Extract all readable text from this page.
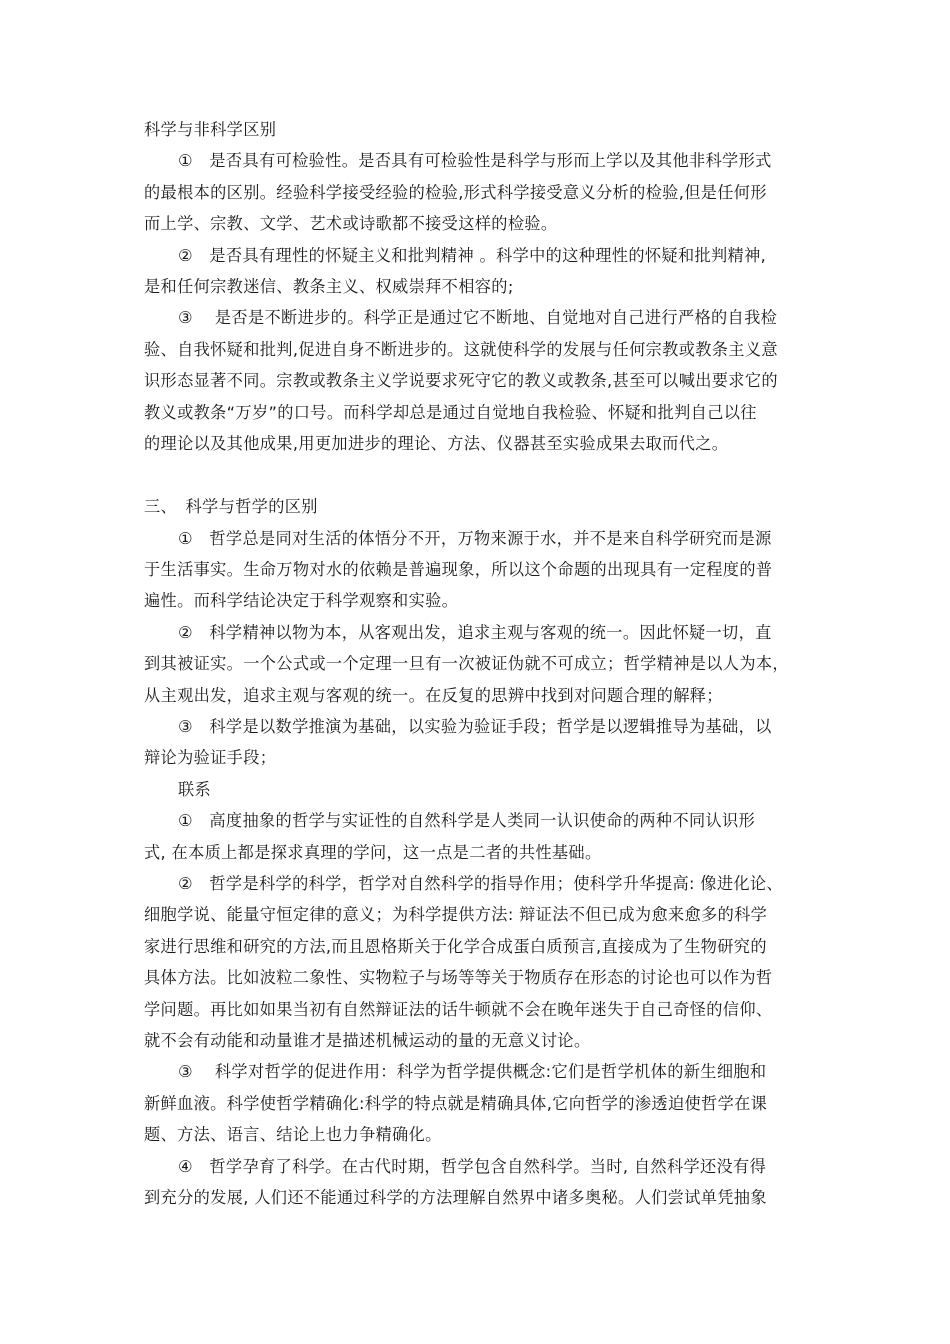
科学与非科学区别
①　是否具有可检验性。是否具有可检验性是科学与形而上学以及其他非科学形式
的最根本的区别。经验科学接受经验的检验,形式科学接受意义分析的检验,但是任何形
而上学、宗教、文学、艺术或诗歌都不接受这样的检验。
②　是否具有理性的怀疑主义和批判精神 。科学中的这种理性的怀疑和批判精神,
是和任何宗教迷信、教条主义、权威崇拜不相容的;
③　 是否是不断进步的。科学正是通过它不断地、自觉地对自己进行严格的自我检
验、自我怀疑和批判,促进自身不断进步的。这就使科学的发展与任何宗教或教条主义意
识形态显著不同。宗教或教条主义学说要求死守它的教义或教条,甚至可以喊出要求它的
教义或教条“万岁”的口号。而科学却总是通过自觉地自我检验、怀疑和批判自己以往
的理论以及其他成果,用更加进步的理论、方法、仪器甚至实验成果去取而代之。
三、　科学与哲学的区别
①　哲学总是同对生活的体悟分不开，万物来源于水，并不是来自科学研究而是源
于生活事实。生命万物对水的依赖是普遍现象，所以这个命题的出现具有一定程度的普
遍性。而科学结论决定于科学观察和实验。
②　科学精神以物为本，从客观出发，追求主观与客观的统一。因此怀疑一切，直
到其被证实。一个公式或一个定理一旦有一次被证伪就不可成立；哲学精神是以人为本，
从主观出发，追求主观与客观的统一。在反复的思辨中找到对问题合理的解释；
③　科学是以数学推演为基础，以实验为验证手段；哲学是以逻辑推导为基础，以
辩论为验证手段；
联系
①　高度抽象的哲学与实证性的自然科学是人类同一认识使命的两种不同认识形
式, 在本质上都是探求真理的学问，这一点是二者的共性基础。
②　哲学是科学的科学，哲学对自然科学的指导作用；使科学升华提高: 像进化论、
细胞学说、能量守恒定律的意义；为科学提供方法: 辩证法不但已成为愈来愈多的科学
家进行思维和研究的方法,而且恩格斯关于化学合成蛋白质预言,直接成为了生物研究的
具体方法。比如波粒二象性、实物粒子与场等等关于物质存在形态的讨论也可以作为哲
学问题。再比如如果当初有自然辩证法的话牛顿就不会在晚年迷失于自己奇怪的信仰、
就不会有动能和动量谁才是描述机械运动的量的无意义讨论。
③　 科学对哲学的促进作用：科学为哲学提供概念:它们是哲学机体的新生细胞和
新鲜血液。科学使哲学精确化:科学的特点就是精确具体,它向哲学的渗透迫使哲学在课
题、方法、语言、结论上也力争精确化。
④　哲学孕育了科学。在古代时期，哲学包含自然科学。当时, 自然科学还没有得
到充分的发展, 人们还不能通过科学的方法理解自然界中诸多奥秘。人们尝试单凭抽象
